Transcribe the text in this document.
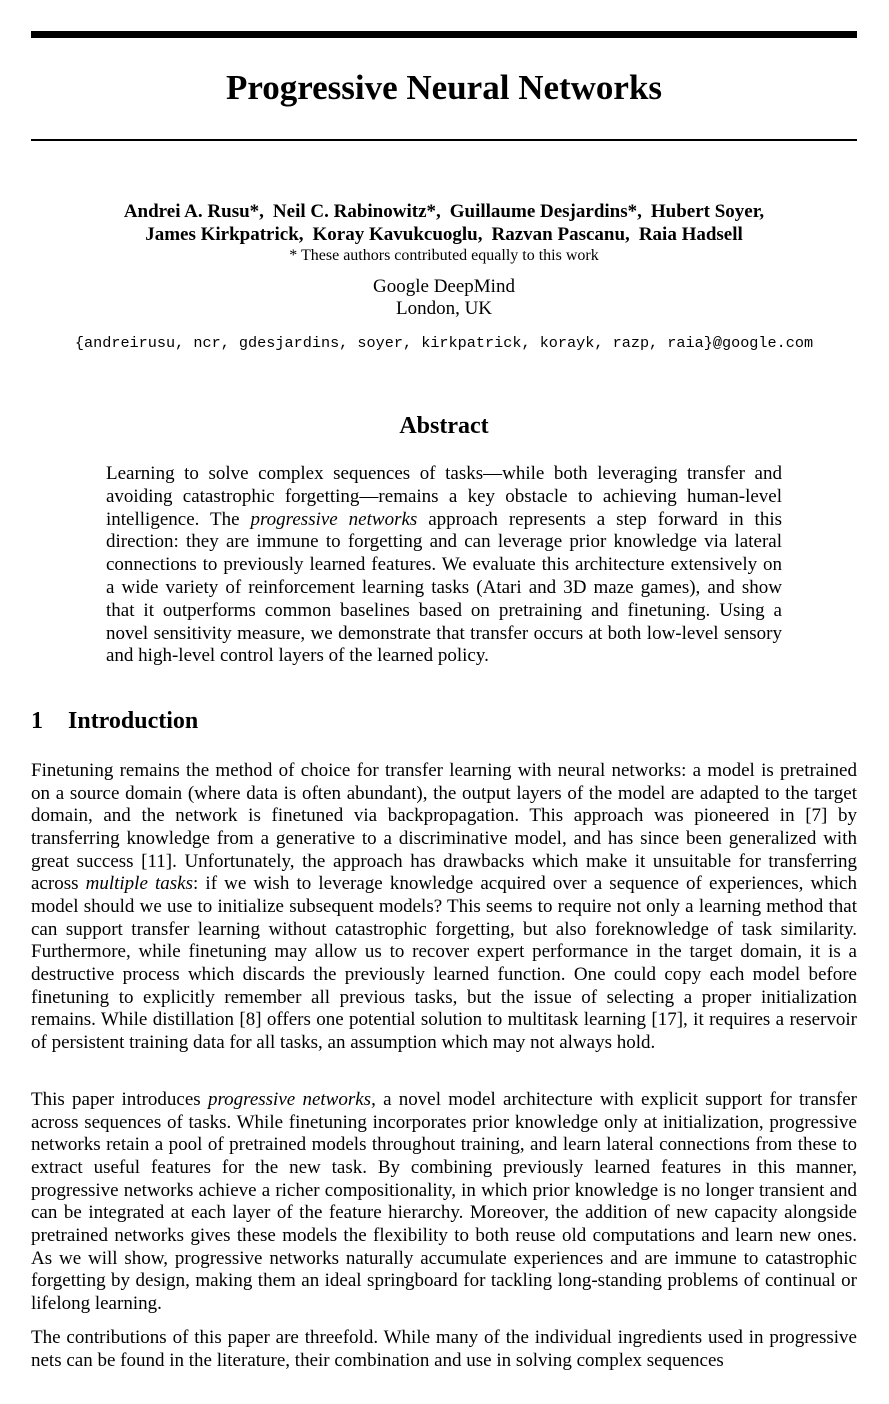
Progressive Neural Networks
Andrei A. Rusu*, Neil C. Rabinowitz*, Guillaume Desjardins*, Hubert Soyer,
James Kirkpatrick, Koray Kavukcuoglu, Razvan Pascanu, Raia Hadsell
* These authors contributed equally to this work
Google DeepMind
London, UK
{andreirusu, ncr, gdesjardins, soyer, kirkpatrick, korayk, razp, raia}@google.com
Abstract

Learning to solve complex sequences of tasks—while both leveraging transfer and avoiding catastrophic forgetting—remains a key obstacle to achieving human-level intelligence. The progressive networks approach represents a step forward in this direction: they are immune to forgetting and can leverage prior knowledge via lateral connections to previously learned features. We evaluate this architecture extensively on a wide variety of reinforcement learning tasks (Atari and 3D maze games), and show that it outperforms common baselines based on pretraining and finetuning. Using a novel sensitivity measure, we demonstrate that transfer occurs at both low-level sensory and high-level control layers of the learned policy.

1 Introduction

Finetuning remains the method of choice for transfer learning with neural networks: a model is pretrained on a source domain (where data is often abundant), the output layers of the model are adapted to the target domain, and the network is finetuned via backpropagation. This approach was pioneered in [7] by transferring knowledge from a generative to a discriminative model, and has since been generalized with great success [11]. Unfortunately, the approach has drawbacks which make it unsuitable for transferring across multiple tasks: if we wish to leverage knowledge acquired over a sequence of experiences, which model should we use to initialize subsequent models? This seems to require not only a learning method that can support transfer learning without catastrophic forgetting, but also foreknowledge of task similarity. Furthermore, while finetuning may allow us to recover expert performance in the target domain, it is a destructive process which discards the previously learned function. One could copy each model before finetuning to explicitly remember all previous tasks, but the issue of selecting a proper initialization remains. While distillation [8] offers one potential solution to multitask learning [17], it requires a reservoir of persistent training data for all tasks, an assumption which may not always hold.

This paper introduces progressive networks, a novel model architecture with explicit support for transfer across sequences of tasks. While finetuning incorporates prior knowledge only at initialization, progressive networks retain a pool of pretrained models throughout training, and learn lateral connections from these to extract useful features for the new task. By combining previously learned features in this manner, progressive networks achieve a richer compositionality, in which prior knowledge is no longer transient and can be integrated at each layer of the feature hierarchy. Moreover, the addition of new capacity alongside pretrained networks gives these models the flexibility to both reuse old computations and learn new ones. As we will show, progressive networks naturally accumulate experiences and are immune to catastrophic forgetting by design, making them an ideal springboard for tackling long-standing problems of continual or lifelong learning.

The contributions of this paper are threefold. While many of the individual ingredients used in progressive nets can be found in the literature, their combination and use in solving complex sequences
